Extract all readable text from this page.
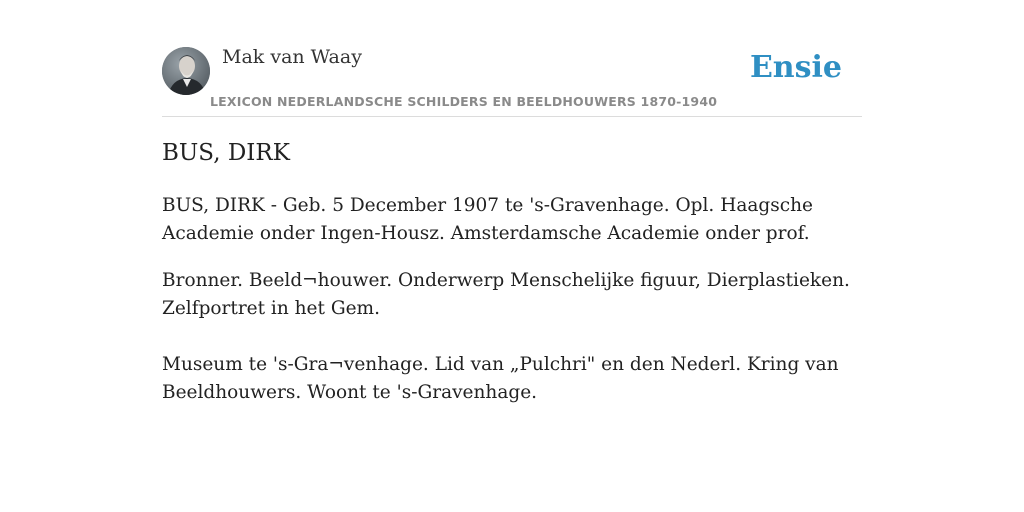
Mak van Waay
LEXICON NEDERLANDSCHE SCHILDERS EN BEELDHOUWERS 1870-1940
Ensie
BUS, DIRK

BUS, DIRK - Geb. 5 December 1907 te 's-Gravenhage. Opl. Haagsche Academie onder Ingen-Housz. Amsterdamsche Academie onder prof.

Bronner. Beeld¬houwer. Onderwerp Menschelijke figuur, Dierplastieken. Zelfportret in het Gem.

Museum te 's-Gra¬venhage. Lid van „Pulchri" en den Nederl. Kring van Beeldhouwers. Woont te 's-Gravenhage.
